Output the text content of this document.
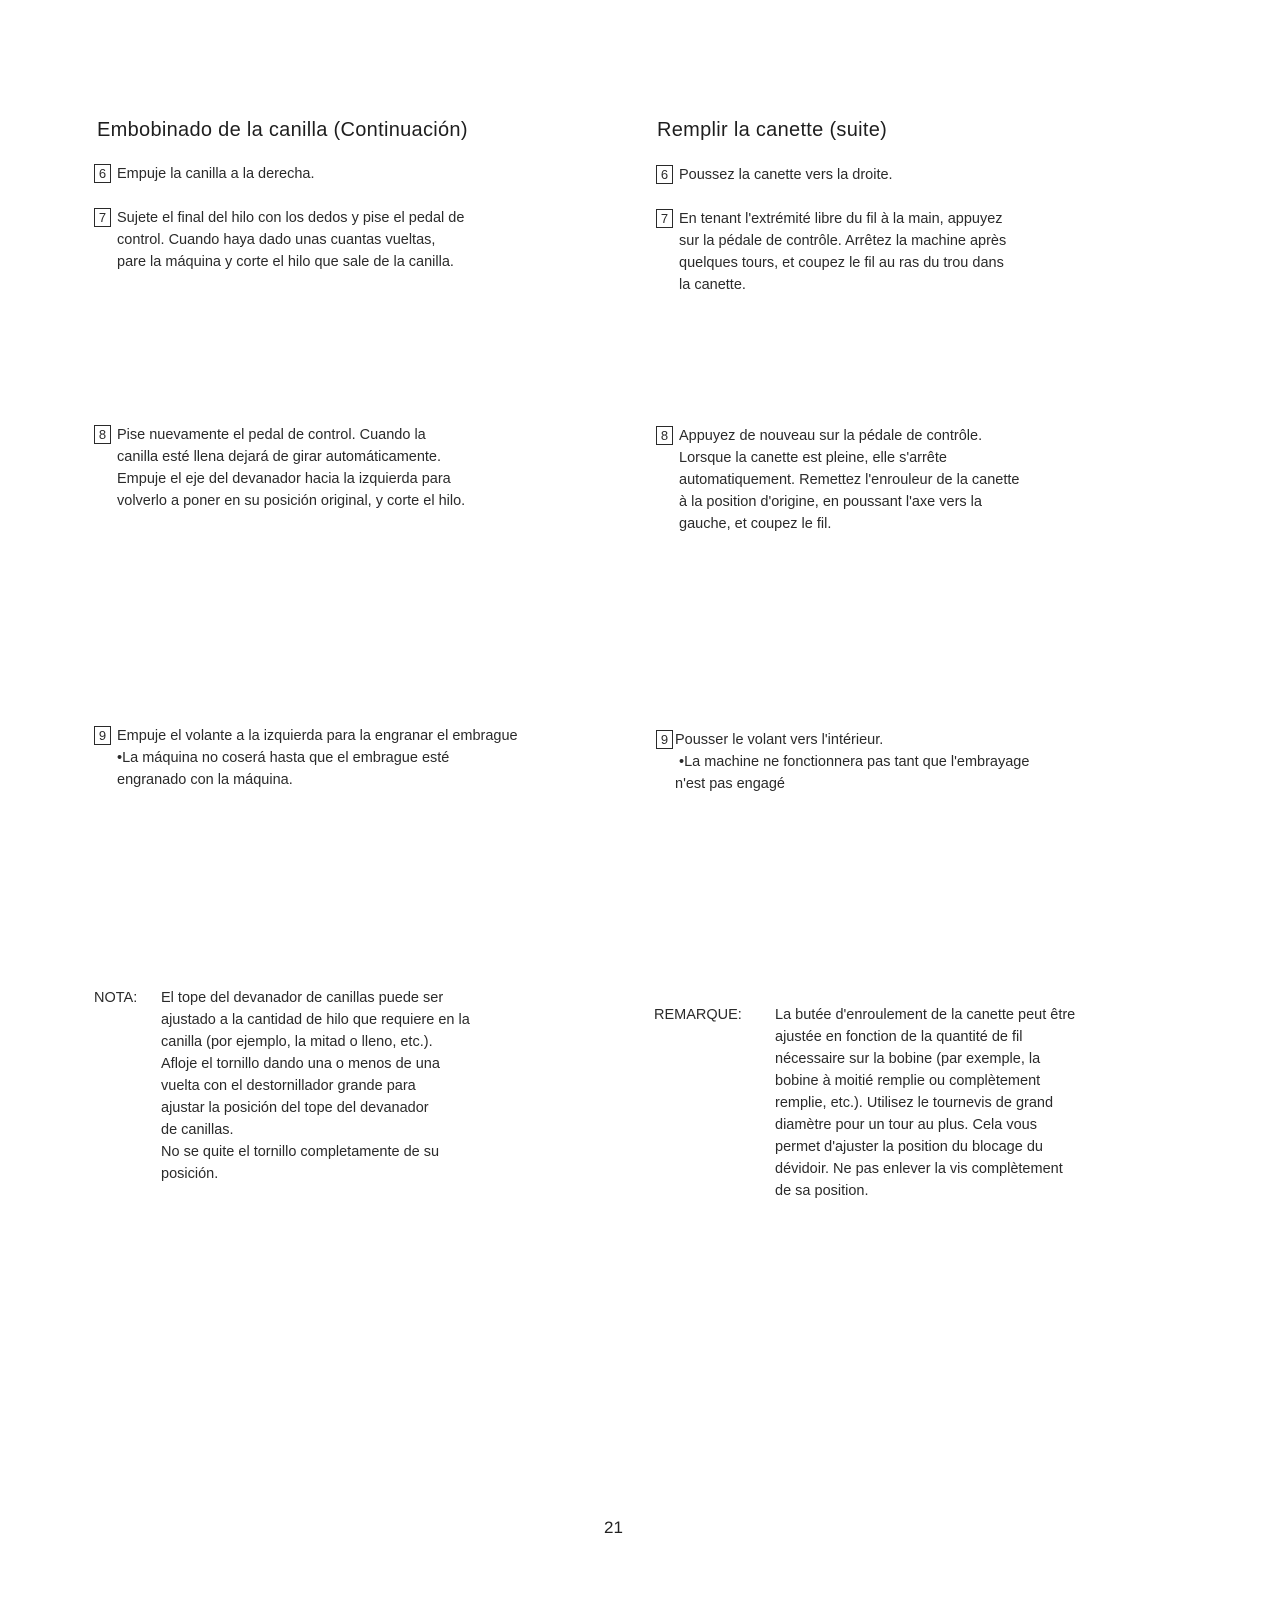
Embobinado de la canilla (Continuación)
6 Empuje la canilla a la derecha.
7 Sujete el final del hilo con los dedos y pise el pedal de
control. Cuando haya dado unas cuantas vueltas,
pare la máquina y corte el hilo que sale de la canilla.
8 Pise nuevamente el pedal de control. Cuando la
canilla esté llena dejará de girar automáticamente.
Empuje el eje del devanador hacia la izquierda para
volverlo a poner en su posición original, y corte el hilo.
9 Empuje el volante a la izquierda para la engranar el embrague
•La máquina no coserá hasta que el embrague esté
engranado con la máquina.
NOTA:	El tope del devanador de canillas puede ser
ajustado a la cantidad de hilo que requiere en la
canilla (por ejemplo, la mitad o lleno, etc.).
Afloje el tornillo dando una o menos de una
vuelta con el destornillador grande para
ajustar la posición del tope del devanador
de canillas.
No se quite el tornillo completamente de su
posición.
Remplir la canette (suite)
6 Poussez la canette vers la droite.
7 En tenant l'extrémité libre du fil à la main, appuyez
sur la pédale de contrôle. Arrêtez la machine après
quelques tours, et coupez le fil au ras du trou dans
la canette.
8 Appuyez de nouveau sur la pédale de contrôle.
Lorsque la canette est pleine, elle s'arrête
automatiquement. Remettez l'enrouleur de la canette
à la position d'origine, en poussant l'axe vers la
gauche, et coupez le fil.
9 Pousser le volant vers l'intérieur.
•La machine ne fonctionnera pas tant que l'embrayage
n'est pas engagé
REMARQUE:	La butée d'enroulement de la canette peut être
ajustée en fonction de la quantité de fil
nécessaire sur la bobine (par exemple, la
bobine à moitié remplie ou complètement
remplie, etc.). Utilisez le tournevis de grand
diamètre pour un tour au plus. Cela vous
permet d'ajuster la position du blocage du
dévidoir. Ne pas enlever la vis complètement
de sa position.
21
